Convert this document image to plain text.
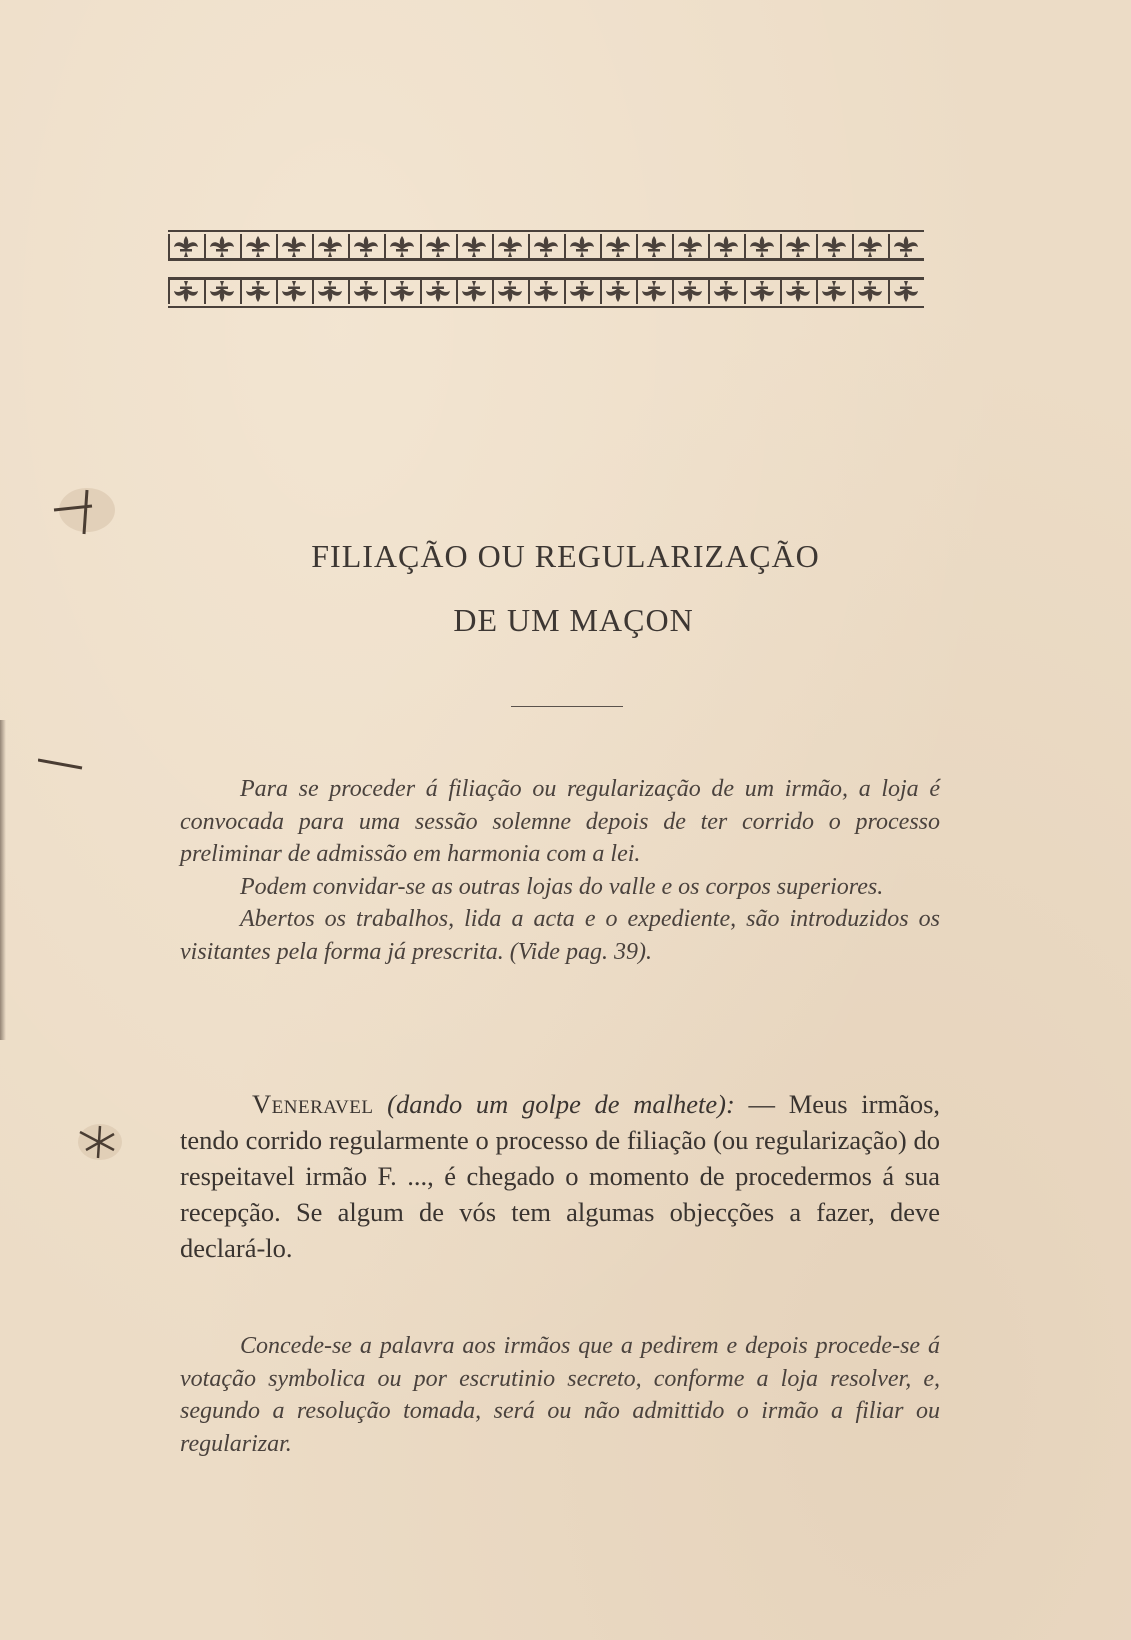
FILIAÇÃO OU REGULARIZAÇÃO
DE UM MAÇON

Para se proceder á filiação ou regularização de um irmão, a loja é convocada para uma sessão solemne depois de ter corrido o processo preliminar de admissão em harmonia com a lei.

Podem convidar-se as outras lojas do valle e os corpos superiores.

Abertos os trabalhos, lida a acta e o expediente, são introduzidos os visitantes pela forma já prescrita. (Vide pag. 39).

Veneravel (dando um golpe de malhete): — Meus irmãos, tendo corrido regularmente o processo de filiação (ou regularização) do respeitavel irmão F. ..., é chegado o momento de procedermos á sua recepção. Se algum de vós tem algumas objecções a fazer, deve declará-lo.

Concede-se a palavra aos irmãos que a pedirem e depois procede-se á votação symbolica ou por escrutinio secreto, conforme a loja resolver, e, segundo a resolução tomada, será ou não admittido o irmão a filiar ou regularizar.
